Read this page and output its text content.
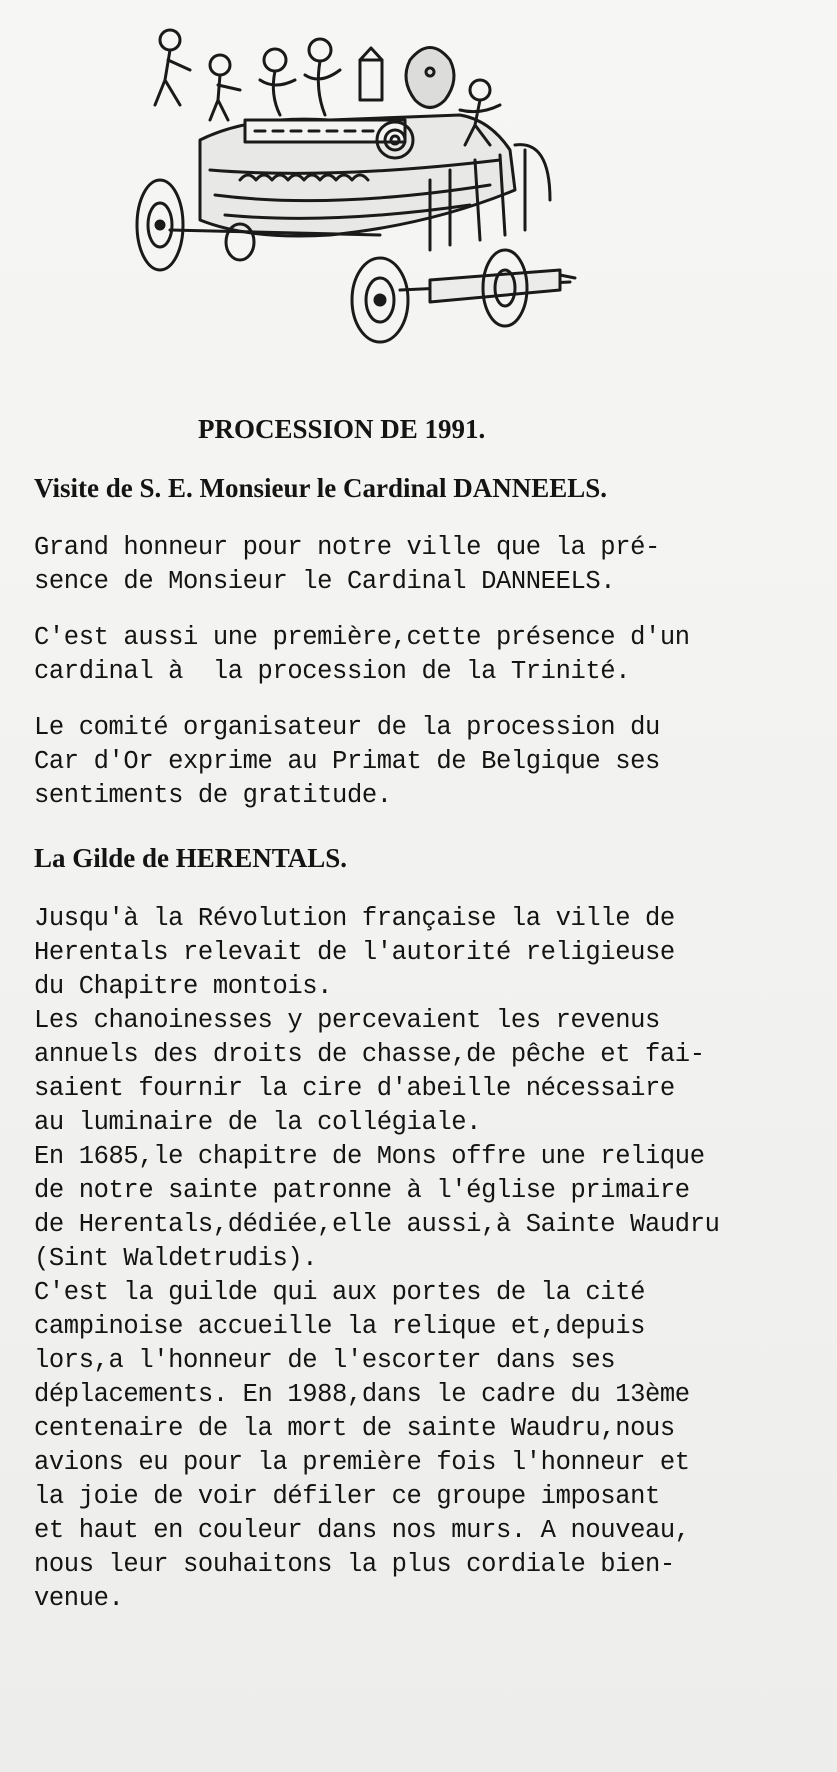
PROCESSION DE 1991.
Visite de S. E. Monsieur le Cardinal DANNEELS.
Grand honneur pour notre ville que la pré-
sence de Monsieur le Cardinal DANNEELS.
C'est aussi une première,cette présence d'un
cardinal à  la procession de la Trinité.
Le comité organisateur de la procession du
Car d'Or exprime au Primat de Belgique ses
sentiments de gratitude.
La Gilde de HERENTALS.
Jusqu'à la Révolution française la ville de
Herentals relevait de l'autorité religieuse
du Chapitre montois.
Les chanoinesses y percevaient les revenus
annuels des droits de chasse,de pêche et fai-
saient fournir la cire d'abeille nécessaire
au luminaire de la collégiale.
En 1685,le chapitre de Mons offre une relique
de notre sainte patronne à l'église primaire
de Herentals,dédiée,elle aussi,à Sainte Waudru
(Sint Waldetrudis).
C'est la guilde qui aux portes de la cité
campinoise accueille la relique et,depuis
lors,a l'honneur de l'escorter dans ses
déplacements. En 1988,dans le cadre du 13ème
centenaire de la mort de sainte Waudru,nous
avions eu pour la première fois l'honneur et
la joie de voir défiler ce groupe imposant
et haut en couleur dans nos murs. A nouveau,
nous leur souhaitons la plus cordiale bien-
venue.
